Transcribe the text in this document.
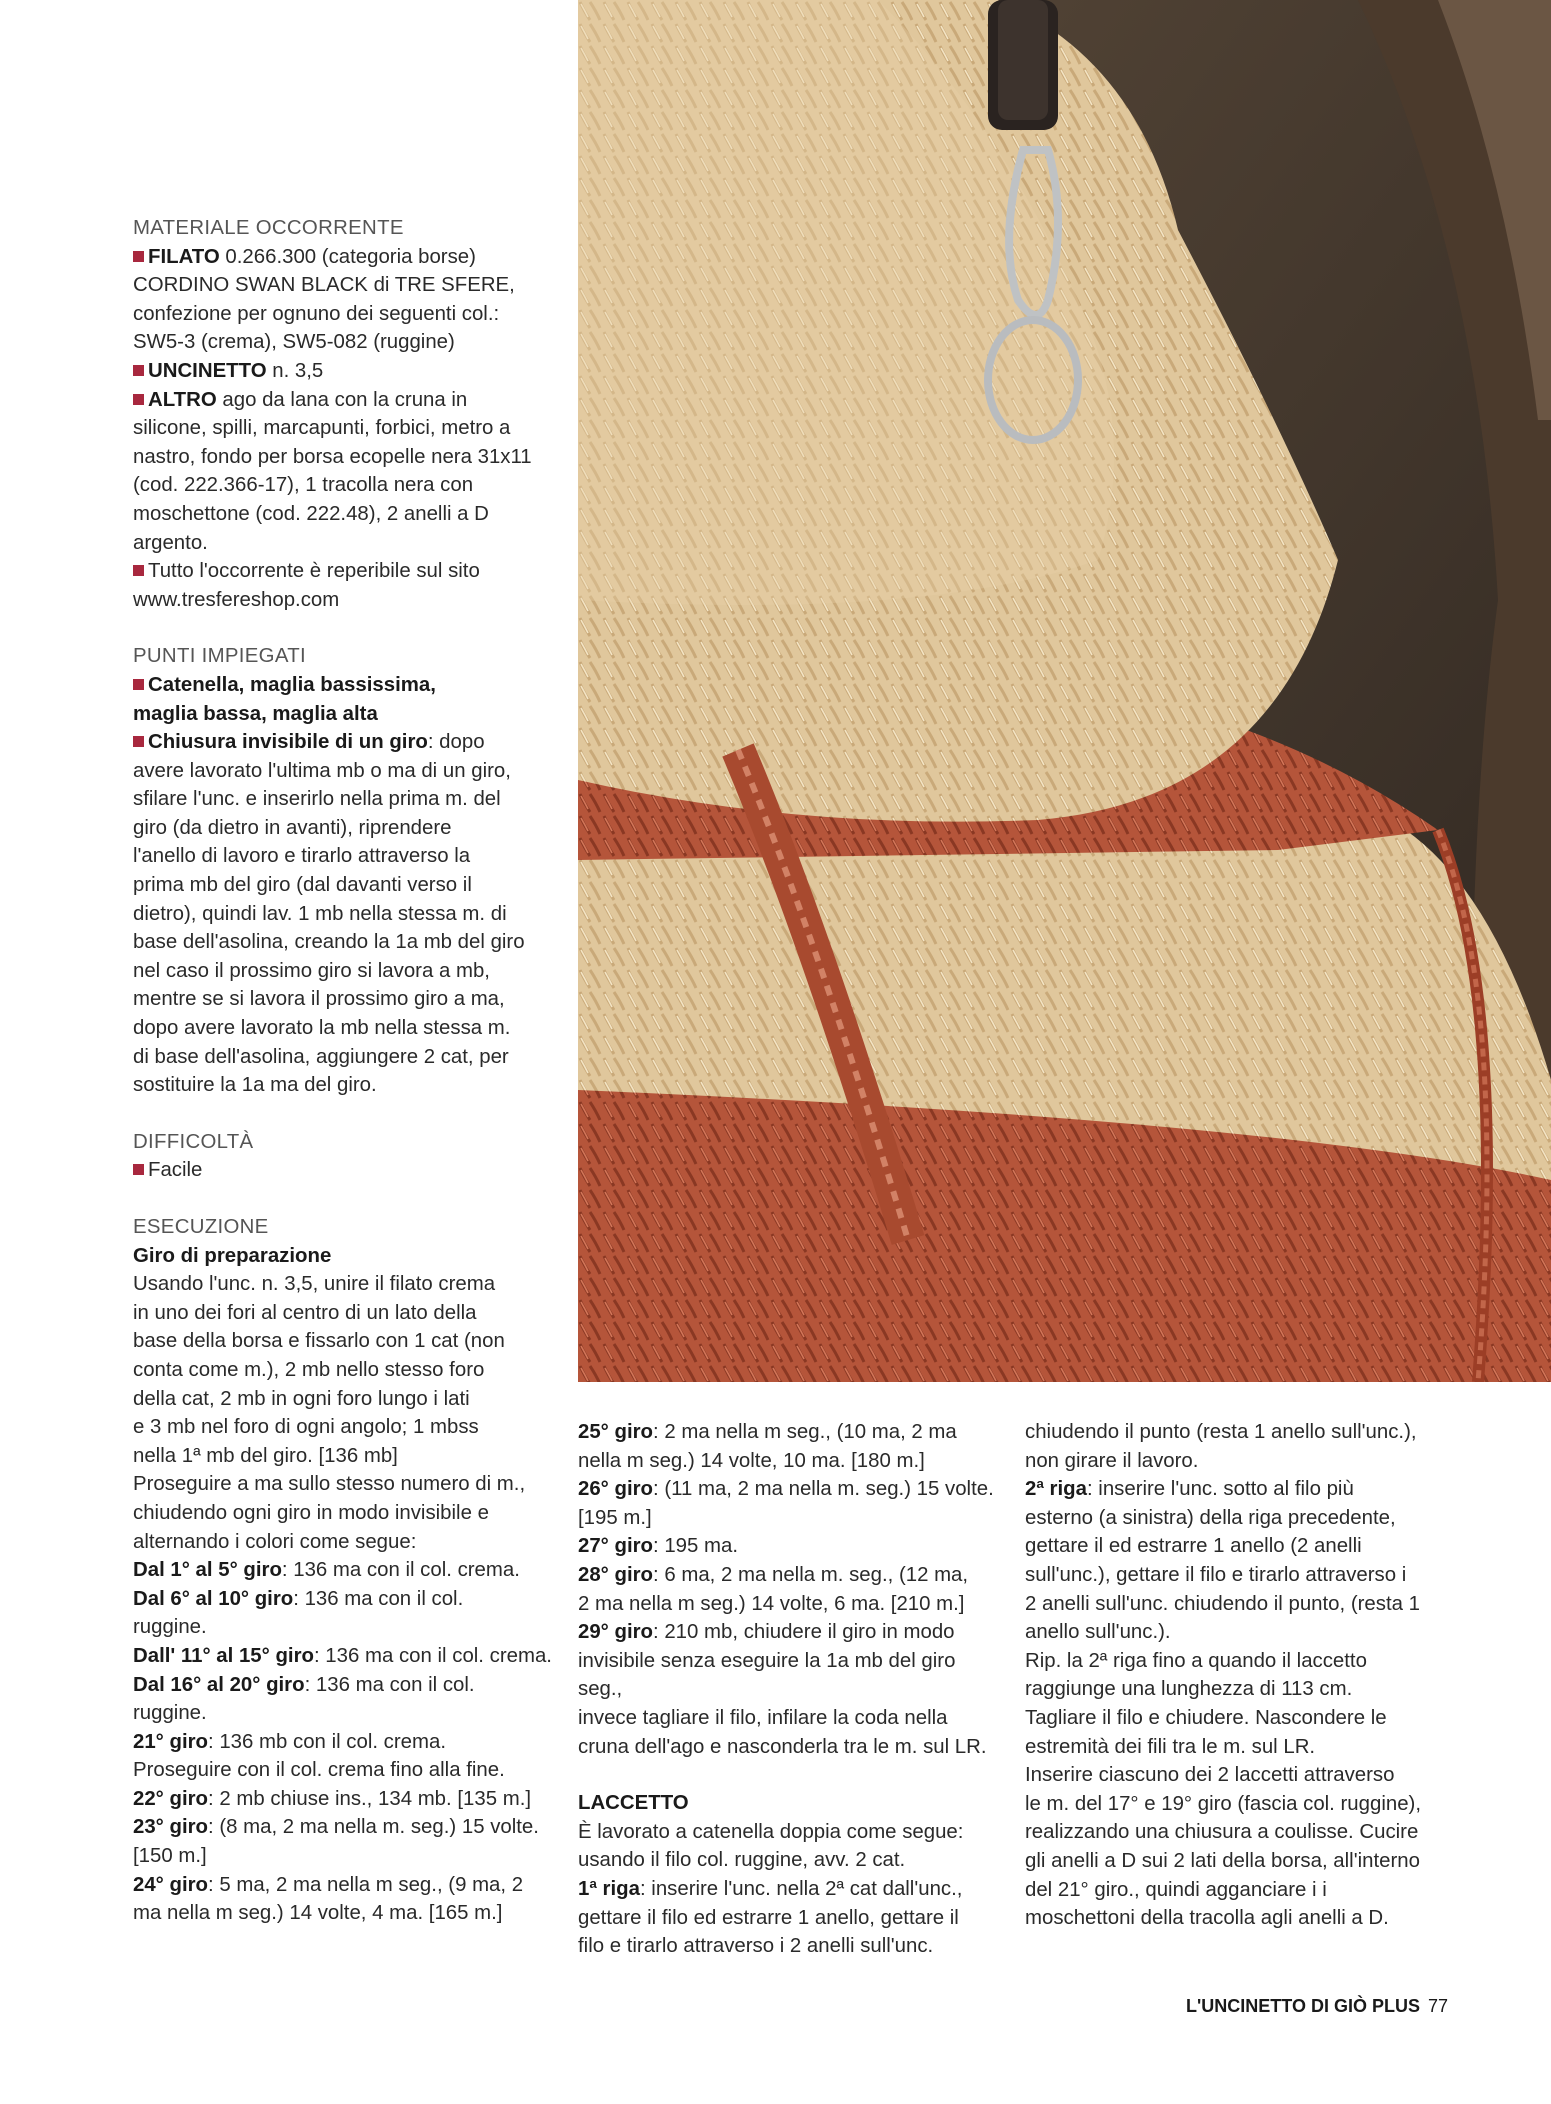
MATERIALE OCCORRENTE

FILATO 0.266.300 (categoria borse)

CORDINO SWAN BLACK di TRE SFERE,

confezione per ognuno dei seguenti col.:

SW5-3 (crema), SW5-082 (ruggine)

UNCINETTO n. 3,5

ALTRO ago da lana con la cruna in

silicone, spilli, marcapunti, forbici, metro a

nastro, fondo per borsa ecopelle nera 31x11

(cod. 222.366-17), 1 tracolla nera con

moschettone (cod. 222.48), 2 anelli a D

argento.

Tutto l'occorrente è reperibile sul sito

www.tresfereshop.com

PUNTI IMPIEGATI

Catenella, maglia bassissima,

maglia bassa, maglia alta

Chiusura invisibile di un giro: dopo

avere lavorato l'ultima mb o ma di un giro,

sfilare l'unc. e inserirlo nella prima m. del

giro (da dietro in avanti), riprendere

l'anello di lavoro e tirarlo attraverso la

prima mb del giro (dal davanti verso il

dietro), quindi lav. 1 mb nella stessa m. di

base dell'asolina, creando la 1a mb del giro

nel caso il prossimo giro si lavora a mb,

mentre se si lavora il prossimo giro a ma,

dopo avere lavorato la mb nella stessa m.

di base dell'asolina, aggiungere 2 cat, per

sostituire la 1a ma del giro.

DIFFICOLTÀ

Facile

ESECUZIONE

Giro di preparazione

Usando l'unc. n. 3,5, unire il filato crema

in uno dei fori al centro di un lato della

base della borsa e fissarlo con 1 cat (non

conta come m.), 2 mb nello stesso foro

della cat, 2 mb in ogni foro lungo i lati

e 3 mb nel foro di ogni angolo; 1 mbss

nella 1ª mb del giro. [136 mb]

Proseguire a ma sullo stesso numero di m.,

chiudendo ogni giro in modo invisibile e

alternando i colori come segue:

Dal 1° al 5° giro: 136 ma con il col. crema.

Dal 6° al 10° giro: 136 ma con il col.

ruggine.

Dall' 11° al 15° giro: 136 ma con il col. crema.

Dal 16° al 20° giro: 136 ma con il col.

ruggine.

21° giro: 136 mb con il col. crema.

Proseguire con il col. crema fino alla fine.

22° giro: 2 mb chiuse ins., 134 mb. [135 m.]

23° giro: (8 ma, 2 ma nella m. seg.) 15 volte.

[150 m.]

24° giro: 5 ma, 2 ma nella m seg., (9 ma, 2

ma nella m seg.) 14 volte, 4 ma. [165 m.]

25° giro: 2 ma nella m seg., (10 ma, 2 ma

nella m seg.) 14 volte, 10 ma. [180 m.]

26° giro: (11 ma, 2 ma nella m. seg.) 15 volte.

[195 m.]

27° giro: 195 ma.

28° giro: 6 ma, 2 ma nella m. seg., (12 ma,

2 ma nella m seg.) 14 volte, 6 ma. [210 m.]

29° giro: 210 mb, chiudere il giro in modo

invisibile senza eseguire la 1a mb del giro seg.,

invece tagliare il filo, infilare la coda nella

cruna dell'ago e nasconderla tra le m. sul LR.

LACCETTO

È lavorato a catenella doppia come segue:

usando il filo col. ruggine, avv. 2 cat.

1ª riga: inserire l'unc. nella 2ª cat dall'unc.,

gettare il filo ed estrarre 1 anello, gettare il

filo e tirarlo attraverso i 2 anelli sull'unc.

chiudendo il punto (resta 1 anello sull'unc.),

non girare il lavoro.

2ª riga: inserire l'unc. sotto al filo più

esterno (a sinistra) della riga precedente,

gettare il ed estrarre 1 anello (2 anelli

sull'unc.), gettare il filo e tirarlo attraverso i

2 anelli sull'unc. chiudendo il punto, (resta 1

anello sull'unc.).

Rip. la 2ª riga fino a quando il laccetto

raggiunge una lunghezza di 113 cm.

Tagliare il filo e chiudere. Nascondere le

estremità dei fili tra le m. sul LR.

Inserire ciascuno dei 2 laccetti attraverso

le m. del 17° e 19° giro (fascia col. ruggine),

realizzando una chiusura a coulisse. Cucire

gli anelli a D sui 2 lati della borsa, all'interno

del 21° giro., quindi agganciare i i

moschettoni della tracolla agli anelli a D.

L'UNCINETTO DI GIÒ PLUS 77
